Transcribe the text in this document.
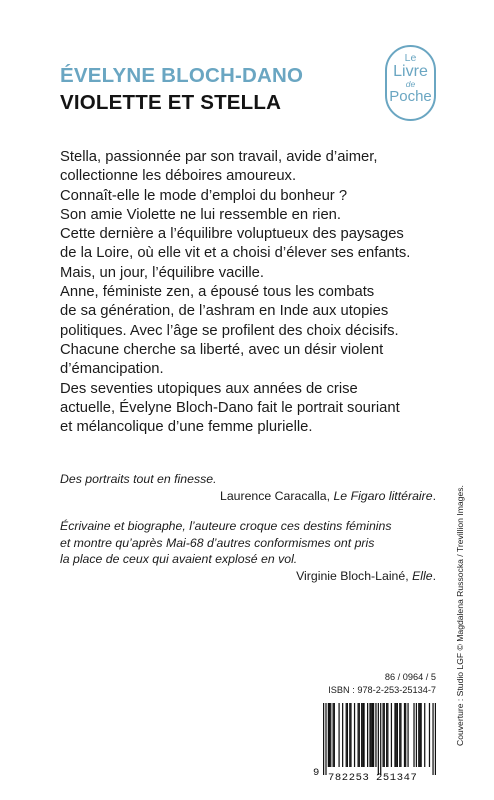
ÉVELYNE BLOCH-DANO
VIOLETTE ET STELLA
Le
Livre
de
Poche
Stella, passionnée par son travail, avide d’aimer,
collectionne les déboires amoureux.
Connaît-elle le mode d’emploi du bonheur ?
Son amie Violette ne lui ressemble en rien.
Cette dernière a l’équilibre voluptueux des paysages
de la Loire, où elle vit et a choisi d’élever ses enfants.
Mais, un jour, l’équilibre vacille.
Anne, féministe zen, a épousé tous les combats
de sa génération, de l’ashram en Inde aux utopies
politiques. Avec l’âge se profilent des choix décisifs.
Chacune cherche sa liberté, avec un désir violent
d’émancipation.
Des seventies utopiques aux années de crise
actuelle, Évelyne Bloch-Dano fait le portrait souriant
et mélancolique d’une femme plurielle.
Des portraits tout en finesse.
Laurence Caracalla, Le Figaro littéraire.
Écrivaine et biographe, l’auteure croque ces destins féminins
et montre qu’après Mai-68 d’autres conformismes ont pris
la place de ceux qui avaient explosé en vol.
Virginie Bloch-Lainé, Elle. Couverture : Studio LGF © Magdalena Russocka / Trevillion Images.
86 / 0964 / 5
ISBN : 978-2-253-25134-7
9 782253 251347
